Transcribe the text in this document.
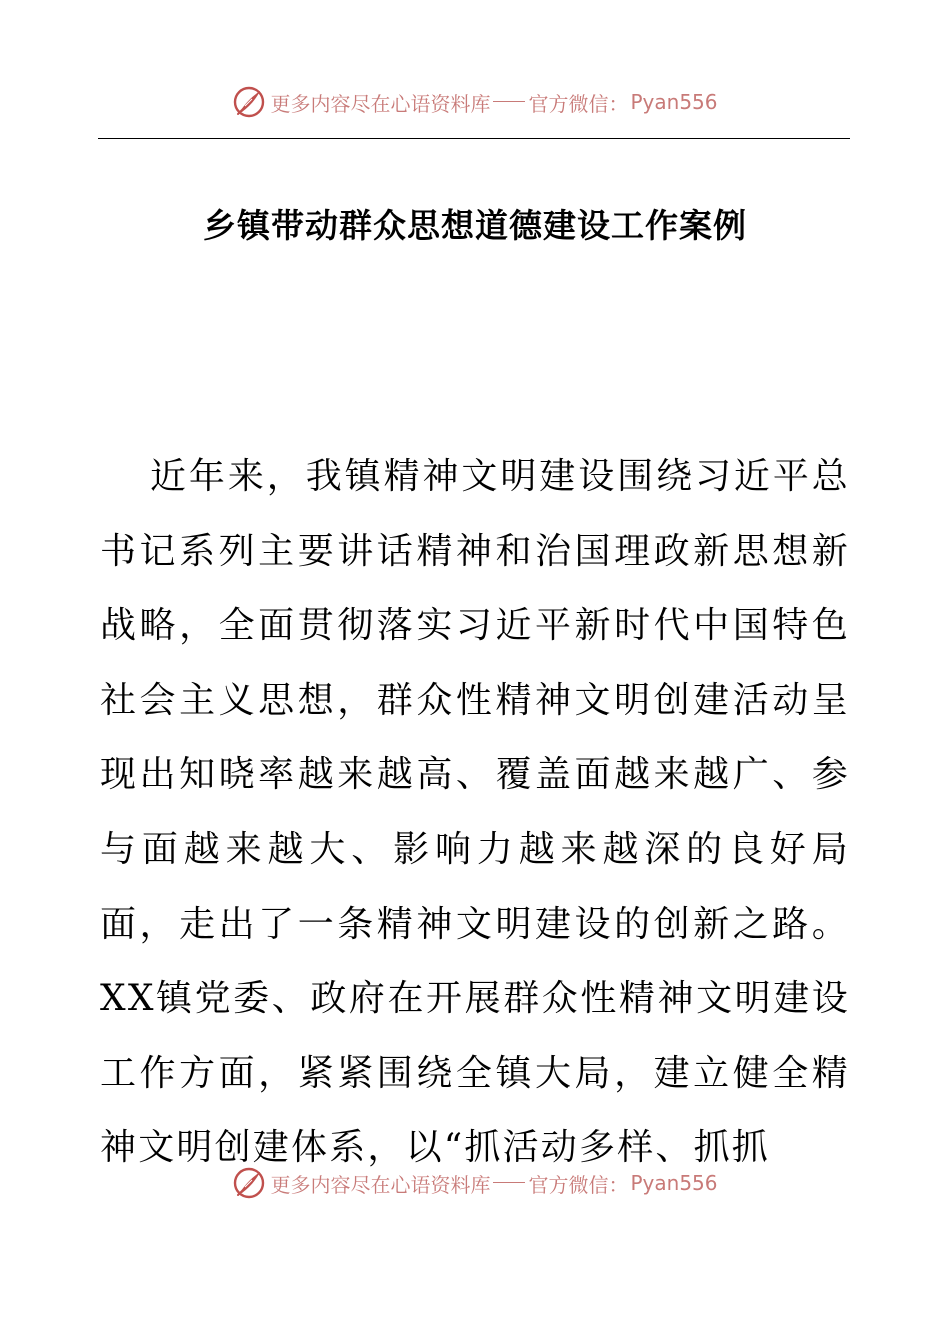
更多内容尽在心语资料库 官方微信： Pyan556
乡镇带动群众思想道德建设工作案例

近年来，我镇精神文明建设围绕习近平总书记系列主要讲话精神和治国理政新思想新战略，全面贯彻落实习近平新时代中国特色社会主义思想，群众性精神文明创建活动呈现出知晓率越来越高、覆盖面越来越广、参与面越来越大、影响力越来越深的良好局面，走出了一条精神文明建设的创新之路。XX镇党委、政府在开展群众性精神文明建设工作方面，紧紧围绕全镇大局，建立健全精神文明创建体系，以“抓活动多样、抓抓

更多内容尽在心语资料库 官方微信： Pyan556
